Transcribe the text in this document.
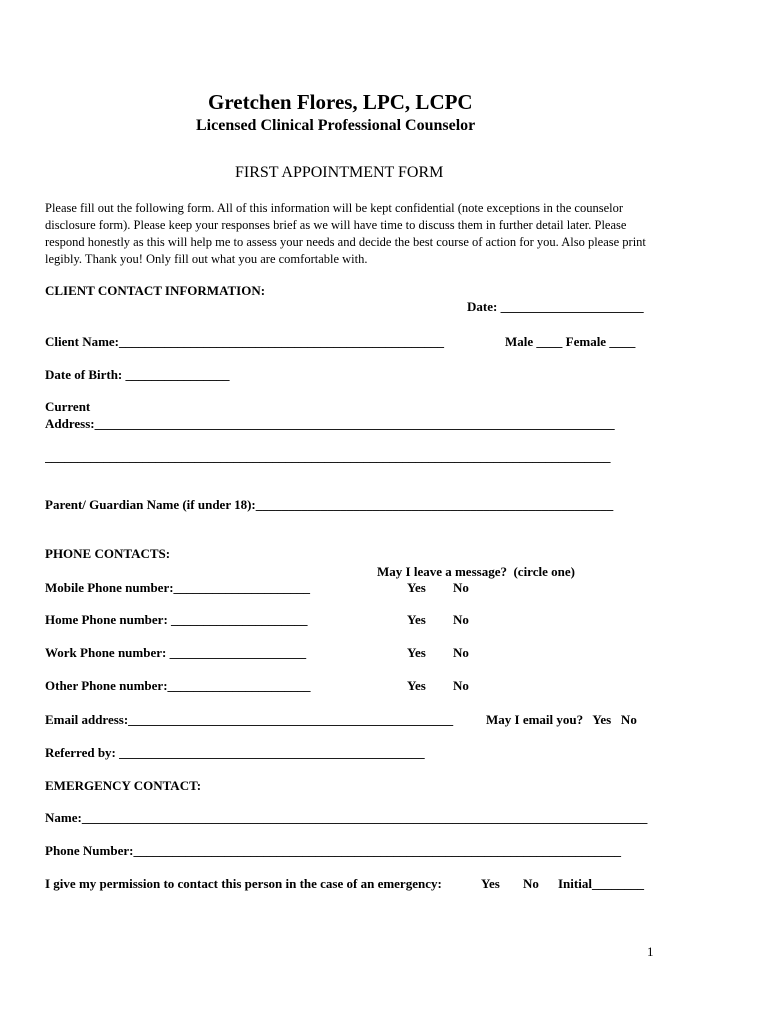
Gretchen Flores, LPC, LCPC
Licensed Clinical Professional Counselor
FIRST APPOINTMENT FORM
Please fill out the following form. All of this information will be kept confidential (note exceptions in the counselor disclosure form). Please keep your responses brief as we will have time to discuss them in further detail later. Please respond honestly as this will help me to assess your needs and decide the best course of action for you. Also please print legibly. Thank you! Only fill out what you are comfortable with.
CLIENT CONTACT INFORMATION:
Date: ______________________
Client Name:__________________________________________________	Male ____ Female ____
Date of Birth: ________________
Current
Address:________________________________________________________________________________
_______________________________________________________________________________________
Parent/ Guardian Name (if under 18):_______________________________________________________
PHONE CONTACTS:
May I leave a message?  (circle one)
Mobile Phone number:_____________________	Yes No
Home Phone number: _____________________	Yes No
Work Phone number: _____________________	Yes No
Other Phone number:______________________	Yes No
Email address:__________________________________________________	May I email you?   Yes   No
Referred by: _______________________________________________
EMERGENCY CONTACT:
Name:_______________________________________________________________________________________
Phone Number:___________________________________________________________________________
I give my permission to contact this person in the case of an emergency:	Yes No Initial________
1
